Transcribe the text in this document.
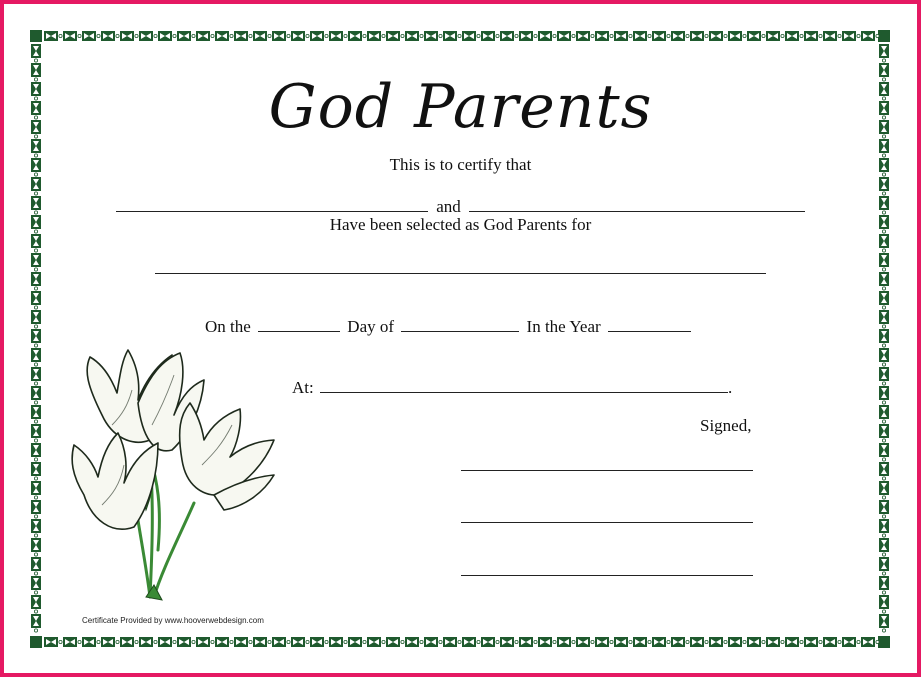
God Parents
This is to certify that
and
Have been selected as God Parents for
On the	Day of	In the Year
At:	.
Signed,
Certificate Provided by www.hooverwebdesign.com
